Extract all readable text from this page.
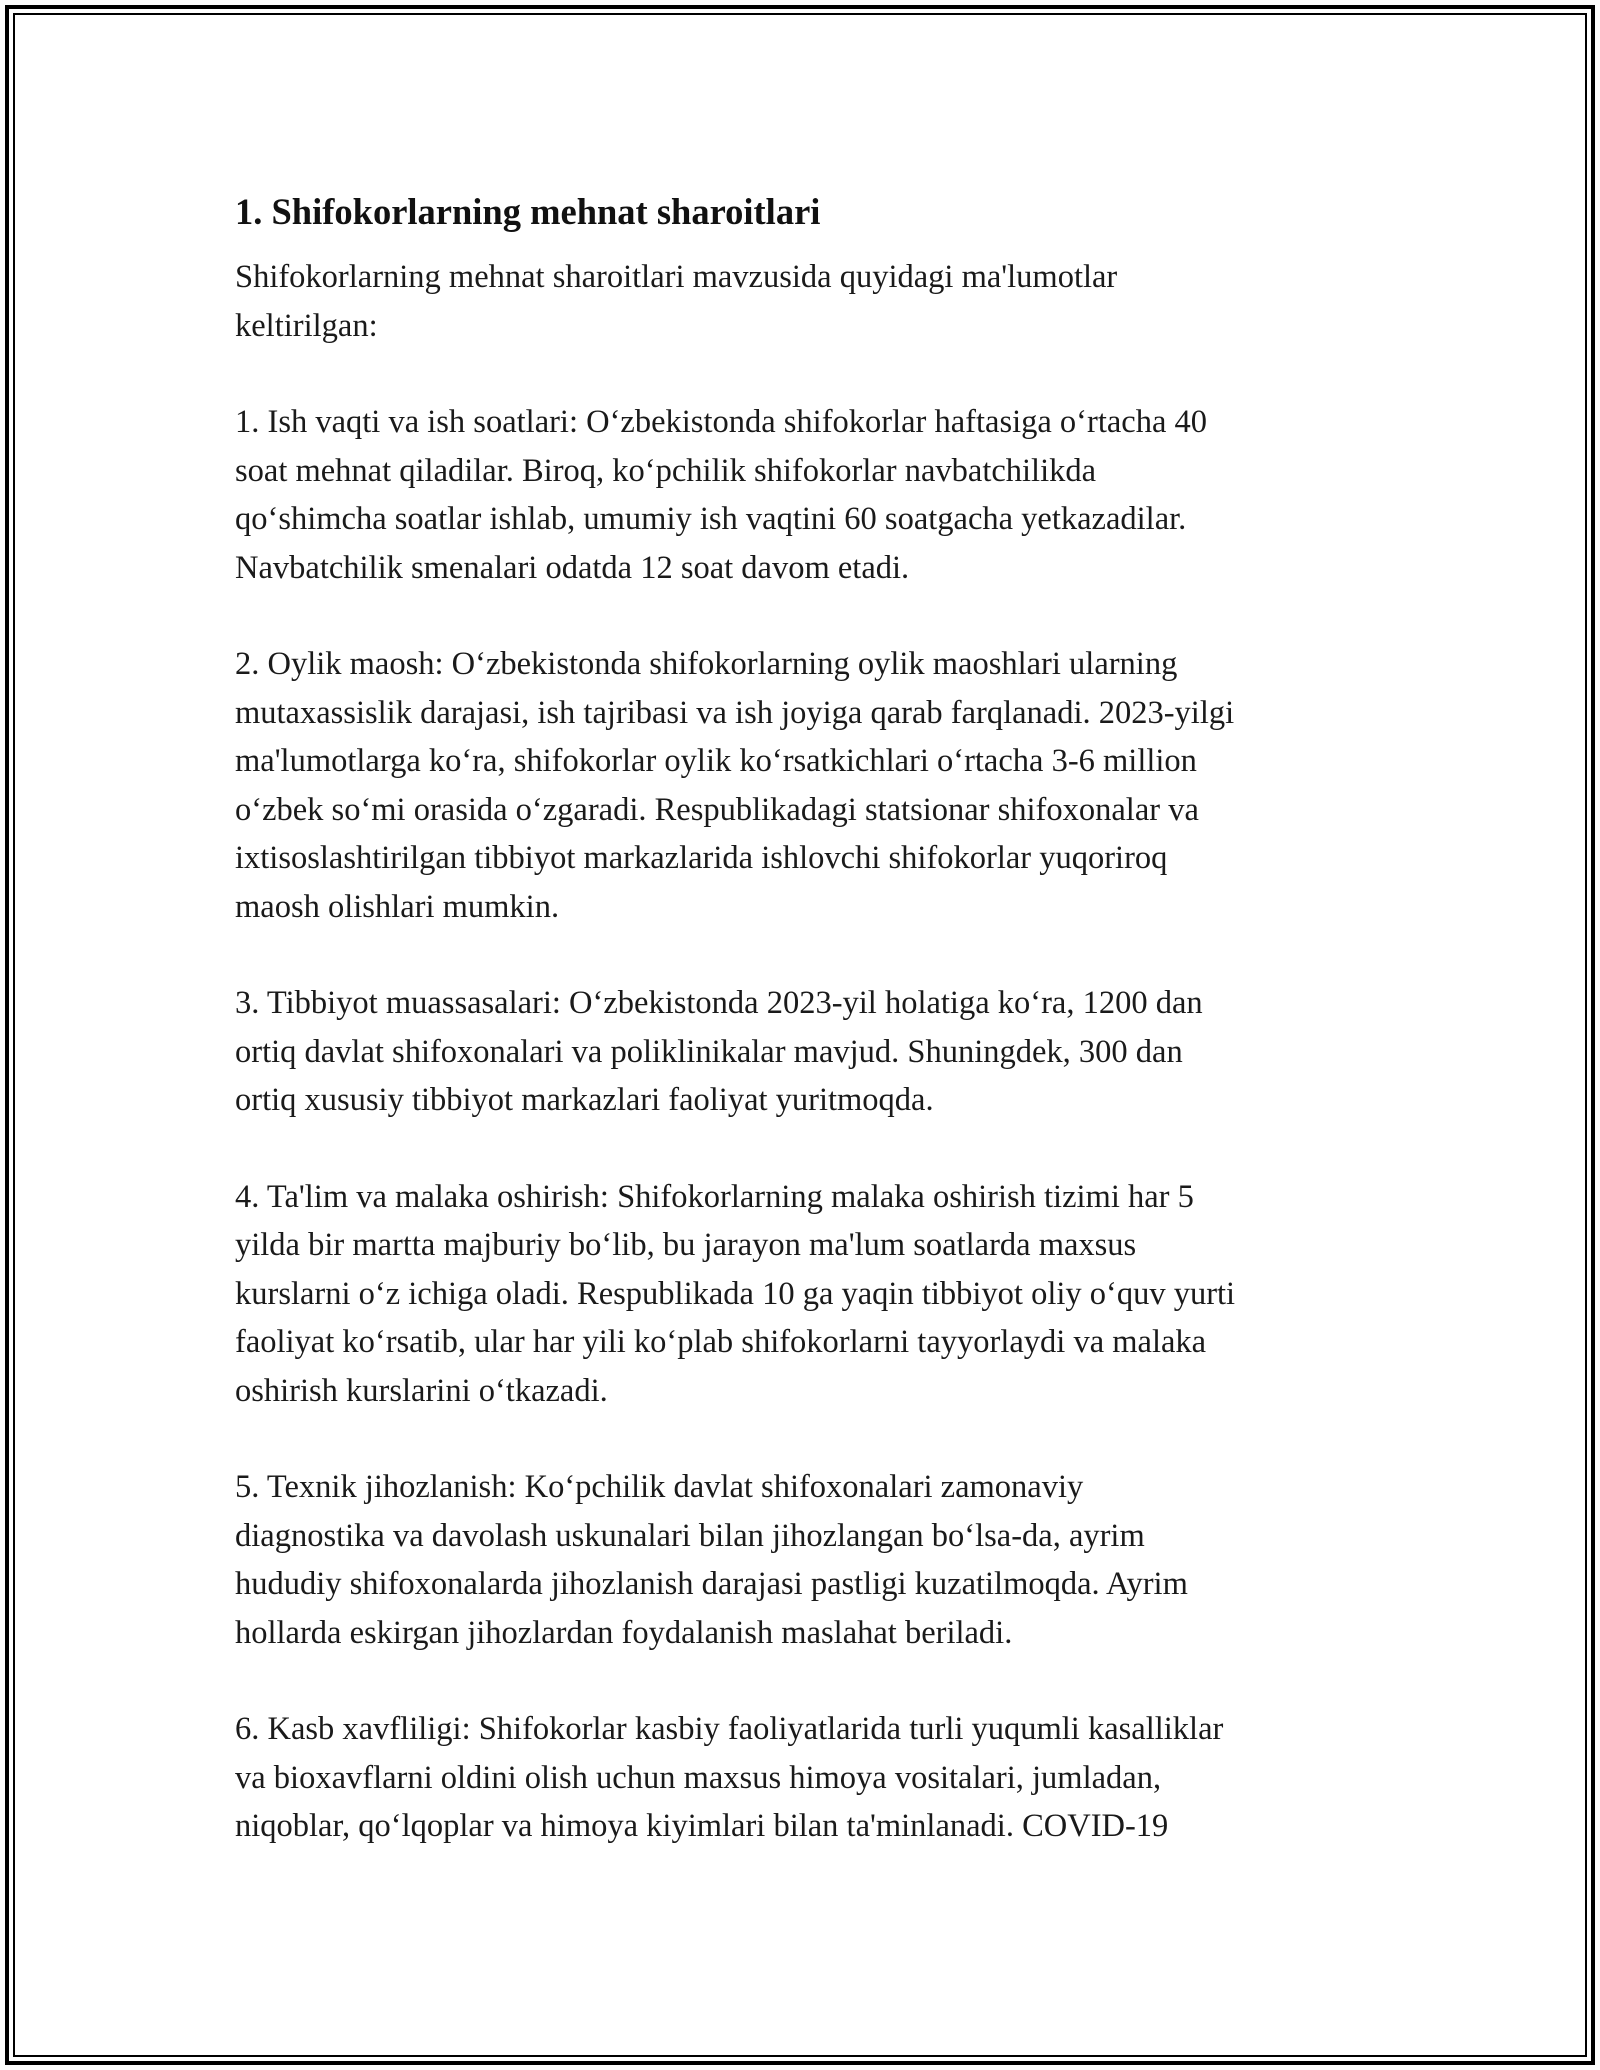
1. Shifokorlarning mehnat sharoitlari

Shifokorlarning mehnat sharoitlari mavzusida quyidagi ma'lumotlar
keltirilgan:

1. Ish vaqti va ish soatlari: O‘zbekistonda shifokorlar haftasiga o‘rtacha 40
soat mehnat qiladilar. Biroq, ko‘pchilik shifokorlar navbatchilikda
qo‘shimcha soatlar ishlab, umumiy ish vaqtini 60 soatgacha yetkazadilar.
Navbatchilik smenalari odatda 12 soat davom etadi.

2. Oylik maosh: O‘zbekistonda shifokorlarning oylik maoshlari ularning
mutaxassislik darajasi, ish tajribasi va ish joyiga qarab farqlanadi. 2023-yilgi
ma'lumotlarga ko‘ra, shifokorlar oylik ko‘rsatkichlari o‘rtacha 3-6 million
o‘zbek so‘mi orasida o‘zgaradi. Respublikadagi statsionar shifoxonalar va
ixtisoslashtirilgan tibbiyot markazlarida ishlovchi shifokorlar yuqoriroq
maosh olishlari mumkin.

3. Tibbiyot muassasalari: O‘zbekistonda 2023-yil holatiga ko‘ra, 1200 dan
ortiq davlat shifoxonalari va poliklinikalar mavjud. Shuningdek, 300 dan
ortiq xususiy tibbiyot markazlari faoliyat yuritmoqda.

4. Ta'lim va malaka oshirish: Shifokorlarning malaka oshirish tizimi har 5
yilda bir martta majburiy bo‘lib, bu jarayon ma'lum soatlarda maxsus
kurslarni o‘z ichiga oladi. Respublikada 10 ga yaqin tibbiyot oliy o‘quv yurti
faoliyat ko‘rsatib, ular har yili ko‘plab shifokorlarni tayyorlaydi va malaka
oshirish kurslarini o‘tkazadi.

5. Texnik jihozlanish: Ko‘pchilik davlat shifoxonalari zamonaviy
diagnostika va davolash uskunalari bilan jihozlangan bo‘lsa-da, ayrim
hududiy shifoxonalarda jihozlanish darajasi pastligi kuzatilmoqda. Ayrim
hollarda eskirgan jihozlardan foydalanish maslahat beriladi.

6. Kasb xavfliligi: Shifokorlar kasbiy faoliyatlarida turli yuqumli kasalliklar
va bioxavflarni oldini olish uchun maxsus himoya vositalari, jumladan,
niqoblar, qo‘lqoplar va himoya kiyimlari bilan ta'minlanadi. COVID-19
